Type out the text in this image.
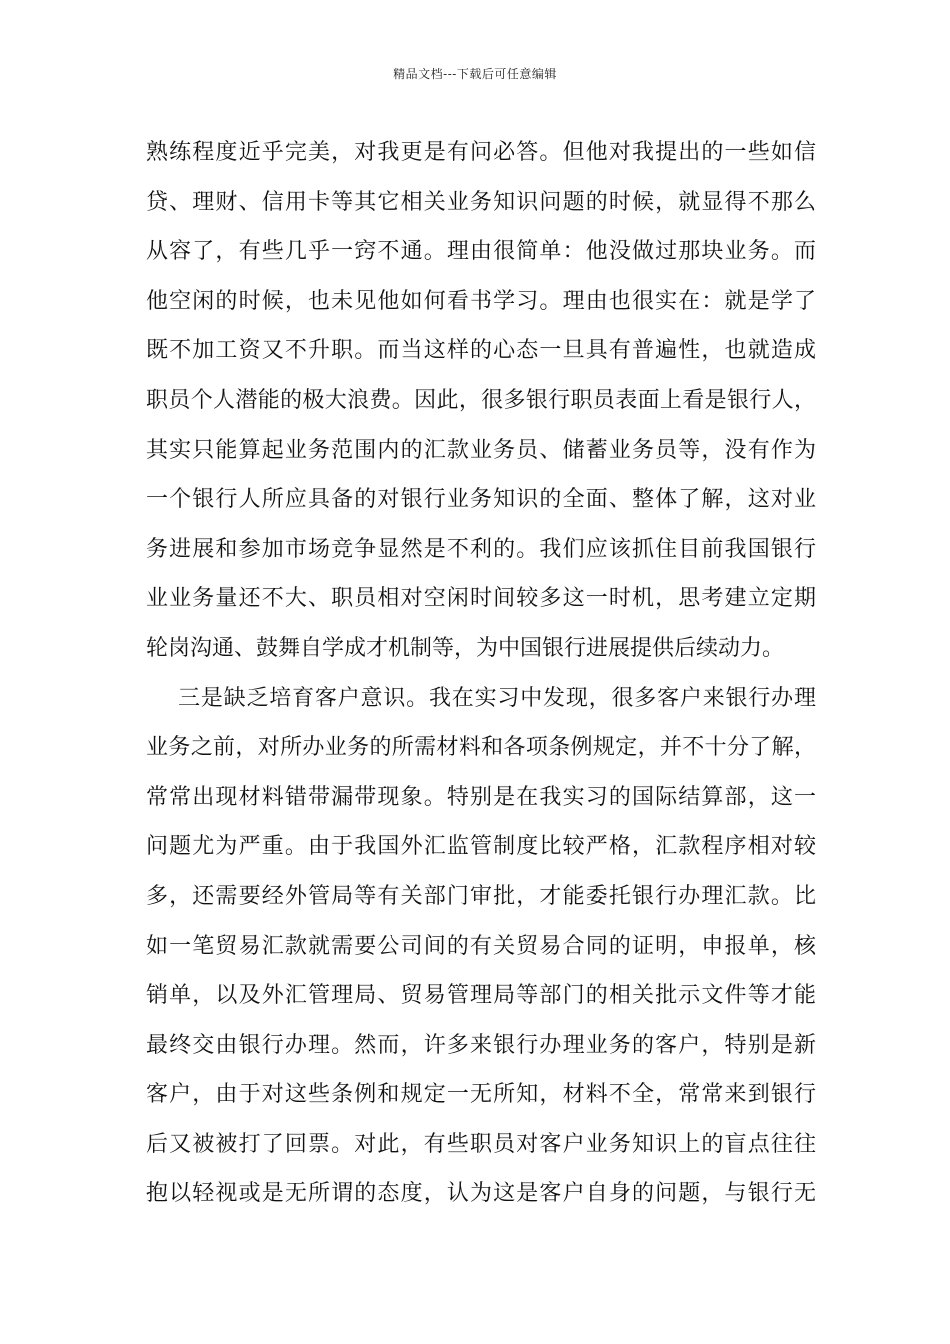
精品文档---下载后可任意编辑
熟练程度近乎完美，对我更是有问必答。但他对我提出的一些如信
贷、理财、信用卡等其它相关业务知识问题的时候，就显得不那么
从容了，有些几乎一窍不通。理由很简单：他没做过那块业务。而
他空闲的时候，也未见他如何看书学习。理由也很实在：就是学了
既不加工资又不升职。而当这样的心态一旦具有普遍性，也就造成
职员个人潜能的极大浪费。因此，很多银行职员表面上看是银行人，
其实只能算起业务范围内的汇款业务员、储蓄业务员等，没有作为
一个银行人所应具备的对银行业务知识的全面、整体了解，这对业
务进展和参加市场竞争显然是不利的。我们应该抓住目前我国银行
业业务量还不大、职员相对空闲时间较多这一时机，思考建立定期
轮岗沟通、鼓舞自学成才机制等，为中国银行进展提供后续动力。
三是缺乏培育客户意识。我在实习中发现，很多客户来银行办理
业务之前，对所办业务的所需材料和各项条例规定，并不十分了解，
常常出现材料错带漏带现象。特别是在我实习的国际结算部，这一
问题尤为严重。由于我国外汇监管制度比较严格，汇款程序相对较
多，还需要经外管局等有关部门审批，才能委托银行办理汇款。比
如一笔贸易汇款就需要公司间的有关贸易合同的证明，申报单，核
销单，以及外汇管理局、贸易管理局等部门的相关批示文件等才能
最终交由银行办理。然而，许多来银行办理业务的客户，特别是新
客户，由于对这些条例和规定一无所知，材料不全，常常来到银行
后又被被打了回票。对此，有些职员对客户业务知识上的盲点往往
抱以轻视或是无所谓的态度，认为这是客户自身的问题，与银行无
